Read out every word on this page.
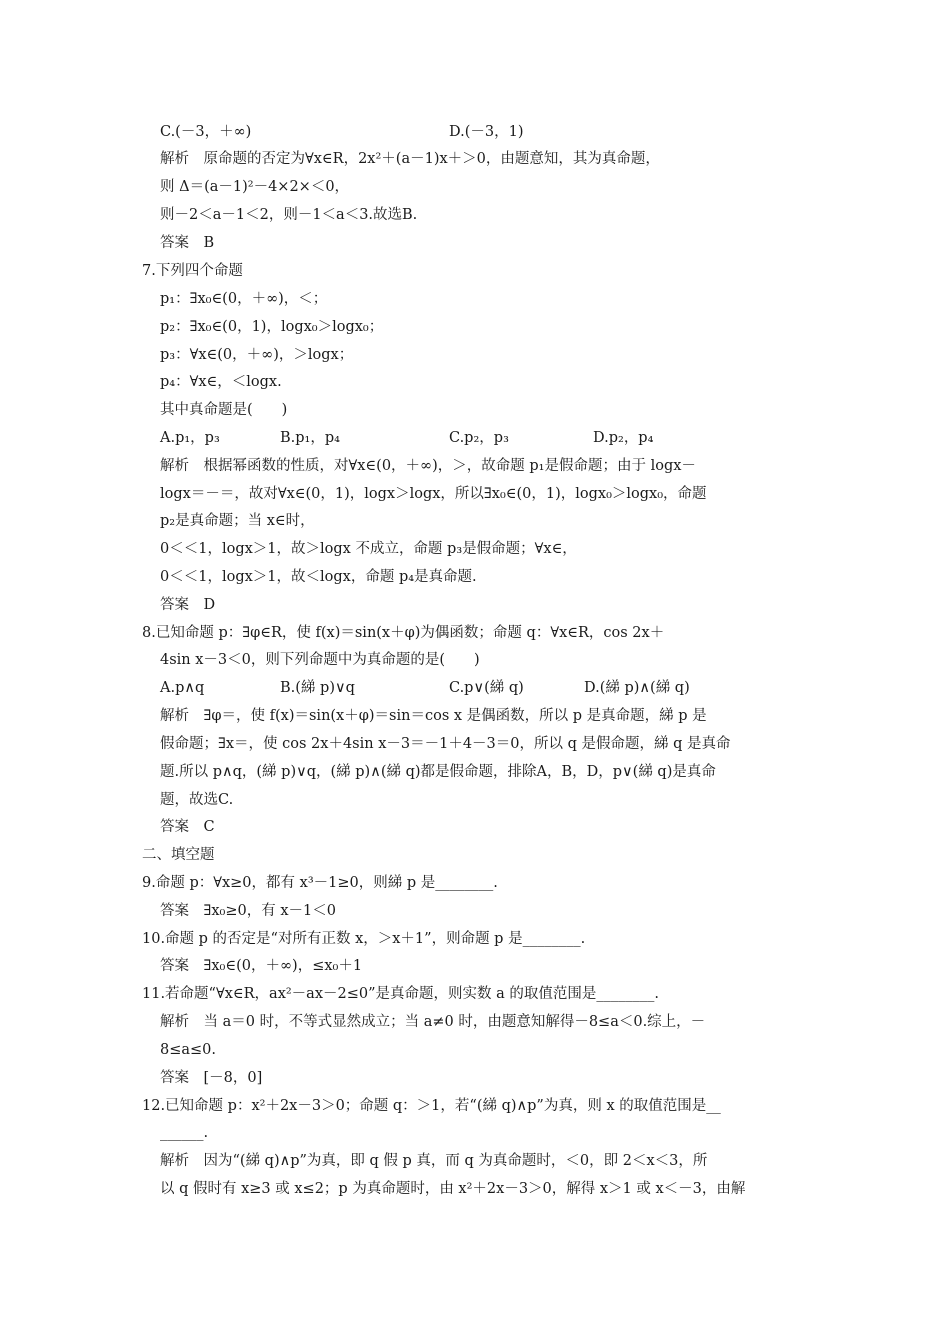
C.(－3，＋∞)	D.(－3，1)
解析　原命题的否定为∀x∈R，2x²＋(a－1)x＋＞0，由题意知，其为真命题，
则 Δ＝(a－1)²－4×2×＜0，
则－2＜a－1＜2，则－1＜a＜3.故选B.
答案　B
7.下列四个命题
p₁：∃x₀∈(0，＋∞)，＜；
p₂：∃x₀∈(0，1)，logx₀＞logx₀；
p₃：∀x∈(0，＋∞)，＞logx；
p₄：∀x∈，＜logx.
其中真命题是(　　)
A.p₁，p₃	B.p₁，p₄	C.p₂，p₃	D.p₂，p₄
解析　根据幂函数的性质，对∀x∈(0，＋∞)，＞，故命题 p₁是假命题；由于 logx－
logx＝－＝，故对∀x∈(0，1)，logx＞logx，所以∃x₀∈(0，1)，logx₀＞logx₀，命题
p₂是真命题；当 x∈时，
0＜＜1，logx＞1，故＞logx 不成立，命题 p₃是假命题；∀x∈，
0＜＜1，logx＞1，故＜logx，命题 p₄是真命题.
答案　D
8.已知命题 p：∃φ∈R，使 f(x)＝sin(x＋φ)为偶函数；命题 q：∀x∈R，cos 2x＋
4sin x－3＜0，则下列命题中为真命题的是(　　)
A.p∧q	B.(綈 p)∨q	C.p∨(綈 q)	D.(綈 p)∧(綈 q)
解析　∃φ＝，使 f(x)＝sin(x＋φ)＝sin＝cos x 是偶函数，所以 p 是真命题，綈 p 是
假命题；∃x＝，使 cos 2x＋4sin x－3＝－1＋4－3＝0，所以 q 是假命题，綈 q 是真命
题.所以 p∧q，(綈 p)∨q，(綈 p)∧(綈 q)都是假命题，排除A，B，D，p∨(綈 q)是真命
题，故选C.
答案　C
二、填空题
9.命题 p：∀x≥0，都有 x³－1≥0，则綈 p 是________.
答案　∃x₀≥0，有 x－1＜0
10.命题 p 的否定是“对所有正数 x，＞x＋1”，则命题 p 是________.
答案　∃x₀∈(0，＋∞)，≤x₀＋1
11.若命题“∀x∈R，ax²－ax－2≤0”是真命题，则实数 a 的取值范围是________.
解析　当 a＝0 时，不等式显然成立；当 a≠0 时，由题意知解得－8≤a＜0.综上，－
8≤a≤0.
答案　[－8，0]
12.已知命题 p：x²＋2x－3＞0；命题 q：＞1，若“(綈 q)∧p”为真，则 x 的取值范围是__
______.
解析　因为“(綈 q)∧p”为真，即 q 假 p 真，而 q 为真命题时，＜0，即 2＜x＜3，所
以 q 假时有 x≥3 或 x≤2；p 为真命题时，由 x²＋2x－3＞0，解得 x＞1 或 x＜－3，由解
